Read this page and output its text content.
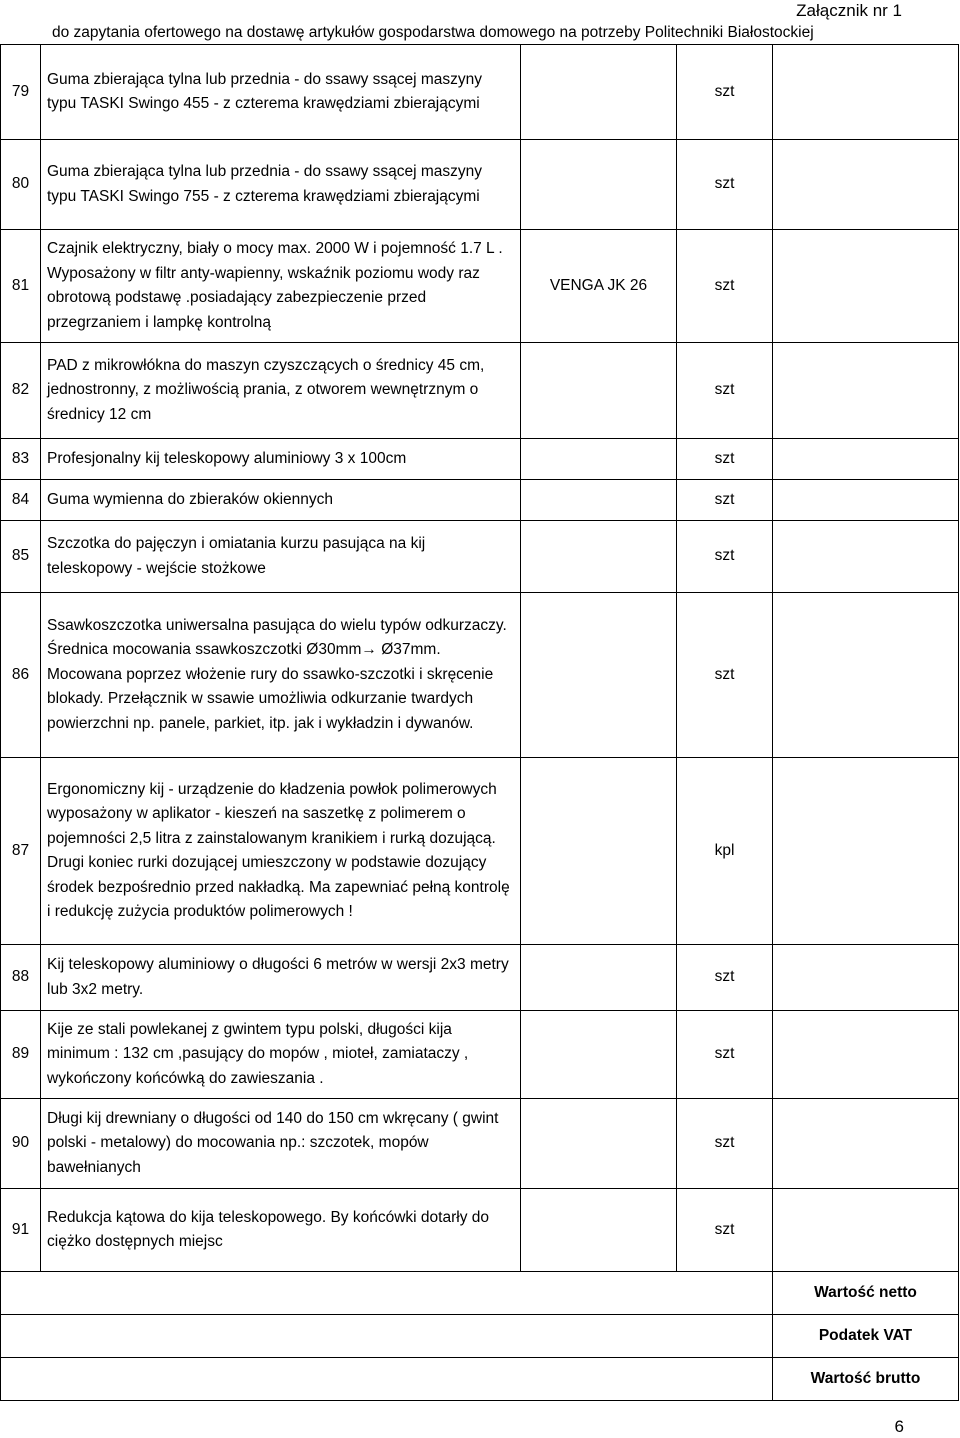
Załącznik nr 1
do zapytania ofertowego na dostawę artykułów gospodarstwa domowego na potrzeby Politechniki Białostockiej
79	Guma zbierająca tylna lub przednia - do ssawy ssącej maszyny typu TASKI Swingo 455 - z czterema krawędziami zbierającymi		szt	
80	Guma zbierająca tylna lub przednia - do ssawy ssącej maszyny typu TASKI Swingo 755 - z czterema krawędziami zbierającymi		szt	
81	Czajnik elektryczny, biały o mocy max. 2000 W i pojemność 1.7 L . Wyposażony w filtr anty-wapienny, wskaźnik poziomu wody raz obrotową podstawę .posiadający zabezpieczenie przed przegrzaniem i lampkę kontrolną	VENGA JK 26	szt	
82	PAD z mikrowłókna do maszyn czyszczących o średnicy 45 cm, jednostronny, z możliwością prania, z otworem wewnętrznym o średnicy 12 cm		szt	
83	Profesjonalny kij teleskopowy aluminiowy 3 x 100cm		szt	
84	Guma wymienna do zbieraków okiennych		szt	
85	Szczotka do pajęczyn i omiatania kurzu pasująca na kij teleskopowy - wejście stożkowe		szt	
86	Ssawkoszczotka uniwersalna pasująca do wielu typów odkurzaczy. Średnica mocowania ssawkoszczotki Ø30mm→ Ø37mm. Mocowana poprzez włożenie rury do ssawko-szczotki i skręcenie blokady. Przełącznik w ssawie umożliwia odkurzanie twardych powierzchni np. panele, parkiet, itp. jak i wykładzin i dywanów.		szt	
87	Ergonomiczny kij - urządzenie do kładzenia powłok polimerowych wyposażony w aplikator - kieszeń na saszetkę z polimerem o pojemności 2,5 litra z zainstalowanym kranikiem i rurką dozującą. Drugi koniec rurki dozującej umieszczony w podstawie dozujący środek bezpośrednio przed nakładką. Ma zapewniać pełną kontrolę i redukcję zużycia produktów polimerowych !		kpl	
88	Kij teleskopowy aluminiowy o długości 6 metrów w wersji 2x3 metry lub 3x2 metry.		szt	
89	Kije ze stali powlekanej z gwintem typu polski, długości kija minimum : 132 cm ,pasujący do mopów , mioteł, zamiataczy , wykończony końcówką do zawieszania .		szt	
90	Długi kij drewniany o długości od 140 do 150 cm wkręcany ( gwint polski - metalowy) do mocowania np.: szczotek, mopów bawełnianych		szt	
91	Redukcja kątowa do kija teleskopowego. By końcówki dotarły do ciężko dostępnych miejsc		szt	
				Wartość netto
				Podatek VAT
				Wartość brutto
6
